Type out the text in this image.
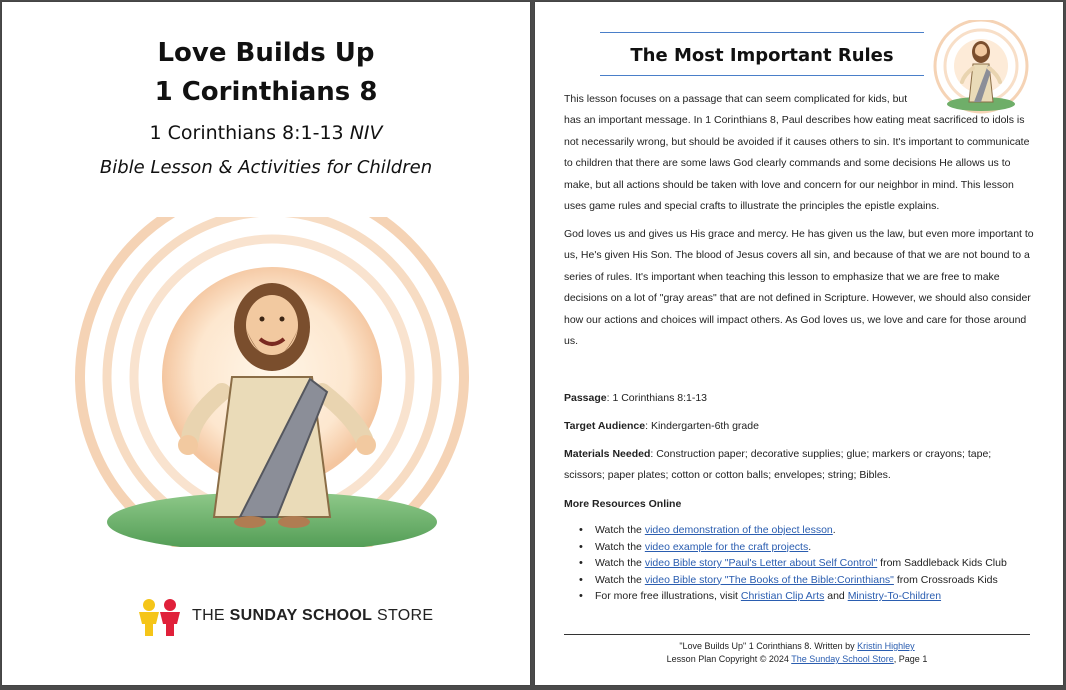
Love Builds Up
1 Corinthians 8
1 Corinthians 8:1-13 NIV
Bible Lesson & Activities for Children
THE SUNDAY SCHOOL STORE
The Most Important Rules
This lesson focuses on a passage that can seem complicated for kids, but
has an important message. In 1 Corinthians 8, Paul describes how eating meat sacrificed to idols is not necessarily wrong, but should be avoided if it causes others to sin. It's important to communicate to children that there are some laws God clearly commands and some decisions He allows us to make, but all actions should be taken with love and concern for our neighbor in mind. This lesson uses game rules and special crafts to illustrate the principles the epistle explains.
God loves us and gives us His grace and mercy. He has given us the law, but even more important to us, He's given His Son. The blood of Jesus covers all sin, and because of that we are not bound to a series of rules. It's important when teaching this lesson to emphasize that we are free to make decisions on a lot of "gray areas" that are not defined in Scripture. However, we should also consider how our actions and choices will impact others. As God loves us, we love and care for those around us.
Passage: 1 Corinthians 8:1-13
Target Audience: Kindergarten-6th grade
Materials Needed: Construction paper; decorative supplies; glue; markers or crayons; tape; scissors; paper plates; cotton or cotton balls; envelopes; string; Bibles.
More Resources Online
• Watch the video demonstration of the object lesson.
• Watch the video example for the craft projects.
• Watch the video Bible story "Paul's Letter about Self Control" from Saddleback Kids Club
• Watch the video Bible story "The Books of the Bible:Corinthians" from Crossroads Kids
• For more free illustrations, visit Christian Clip Arts and Ministry-To-Children
"Love Builds Up" 1 Corinthians 8. Written by Kristin Highley
Lesson Plan Copyright © 2024 The Sunday School Store, Page 1
